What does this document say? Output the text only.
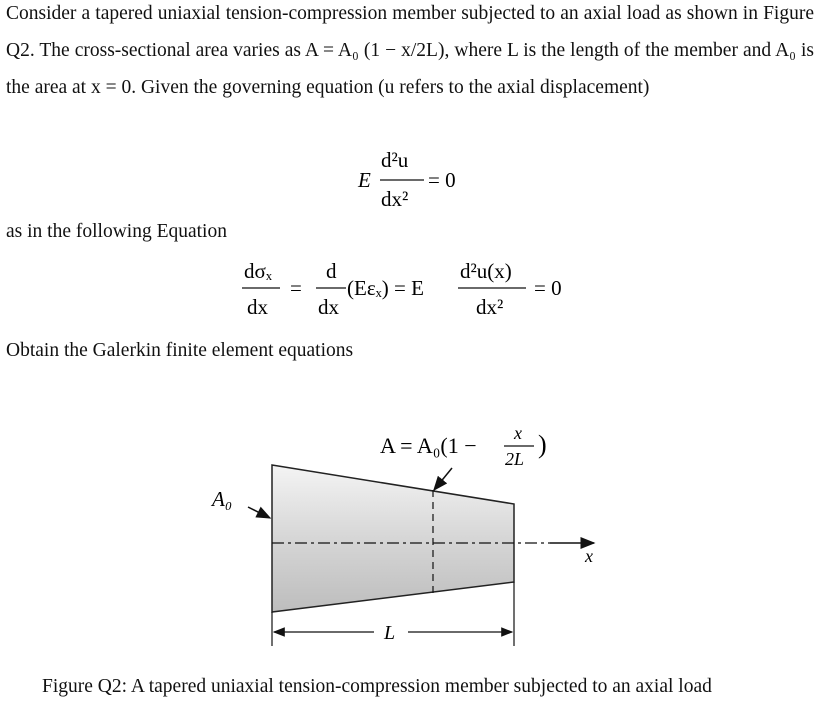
Consider a tapered uniaxial tension-compression member subjected to an axial load as shown in Figure Q2. The cross-sectional area varies as A = A₀ (1 − x/2L), where L is the length of the member and A₀ is the area at x = 0. Given the governing equation (u refers to the axial displacement)

E
d²u
dx²
= 0

as in the following Equation

dσₓ
dx
=
d
dx
(Eεₓ) = E
d²u(x)
dx²
= 0

Obtain the Galerkin finite element equations

A = A₀(1 − x
2L )
x
A₀
L
Figure Q2: A tapered uniaxial tension-compression member subjected to an axial load
